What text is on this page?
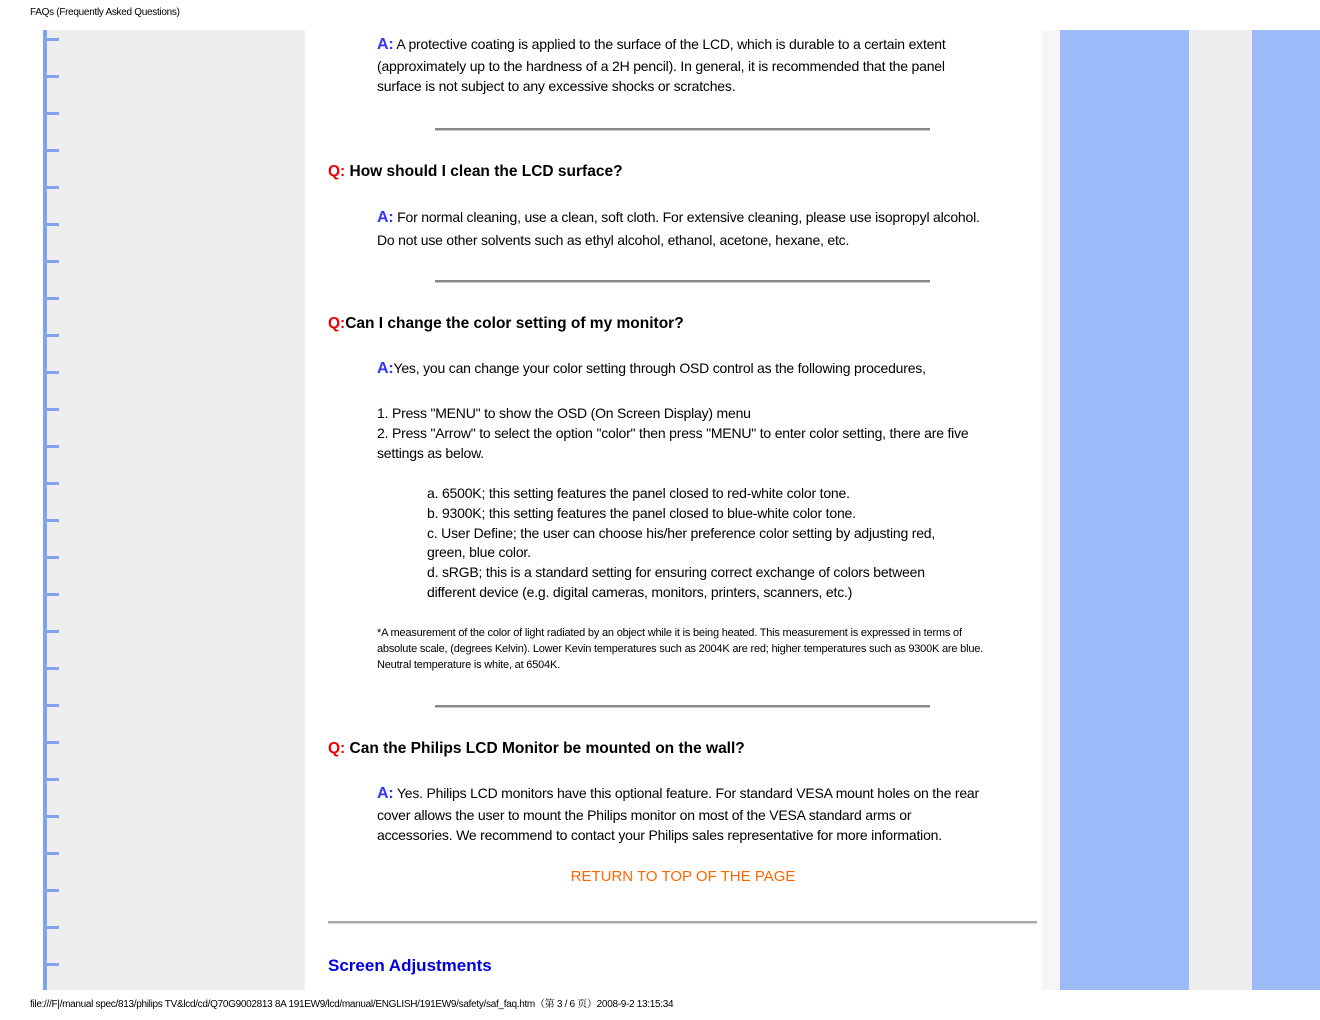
FAQs (Frequently Asked Questions)
A: A protective coating is applied to the surface of the LCD, which is durable to a certain extent (approximately up to the hardness of a 2H pencil). In general, it is recommended that the panel surface is not subject to any excessive shocks or scratches.
Q: How should I clean the LCD surface?
A: For normal cleaning, use a clean, soft cloth. For extensive cleaning, please use isopropyl alcohol. Do not use other solvents such as ethyl alcohol, ethanol, acetone, hexane, etc.
Q:Can I change the color setting of my monitor?
A:Yes, you can change your color setting through OSD control as the following procedures,
1. Press "MENU" to show the OSD (On Screen Display) menu
2. Press "Arrow" to select the option "color" then press "MENU" to enter color setting, there are five settings as below.
a. 6500K; this setting features the panel closed to red-white color tone.
b. 9300K; this setting features the panel closed to blue-white color tone.
c. User Define; the user can choose his/her preference color setting by adjusting red, green, blue color.
d. sRGB; this is a standard setting for ensuring correct exchange of colors between different device (e.g. digital cameras, monitors, printers, scanners, etc.)
*A measurement of the color of light radiated by an object while it is being heated. This measurement is expressed in terms of absolute scale, (degrees Kelvin). Lower Kevin temperatures such as 2004K are red; higher temperatures such as 9300K are blue. Neutral temperature is white, at 6504K.
Q: Can the Philips LCD Monitor be mounted on the wall?
A: Yes. Philips LCD monitors have this optional feature. For standard VESA mount holes on the rear cover allows the user to mount the Philips monitor on most of the VESA standard arms or accessories. We recommend to contact your Philips sales representative for more information.
RETURN TO TOP OF THE PAGE
Screen Adjustments
file:///F|/manual spec/813/philips TV&lcd/cd/Q70G9002813 8A 191EW9/lcd/manual/ENGLISH/191EW9/safety/saf_faq.htm（第 3 / 6 页）2008-9-2 13:15:34
